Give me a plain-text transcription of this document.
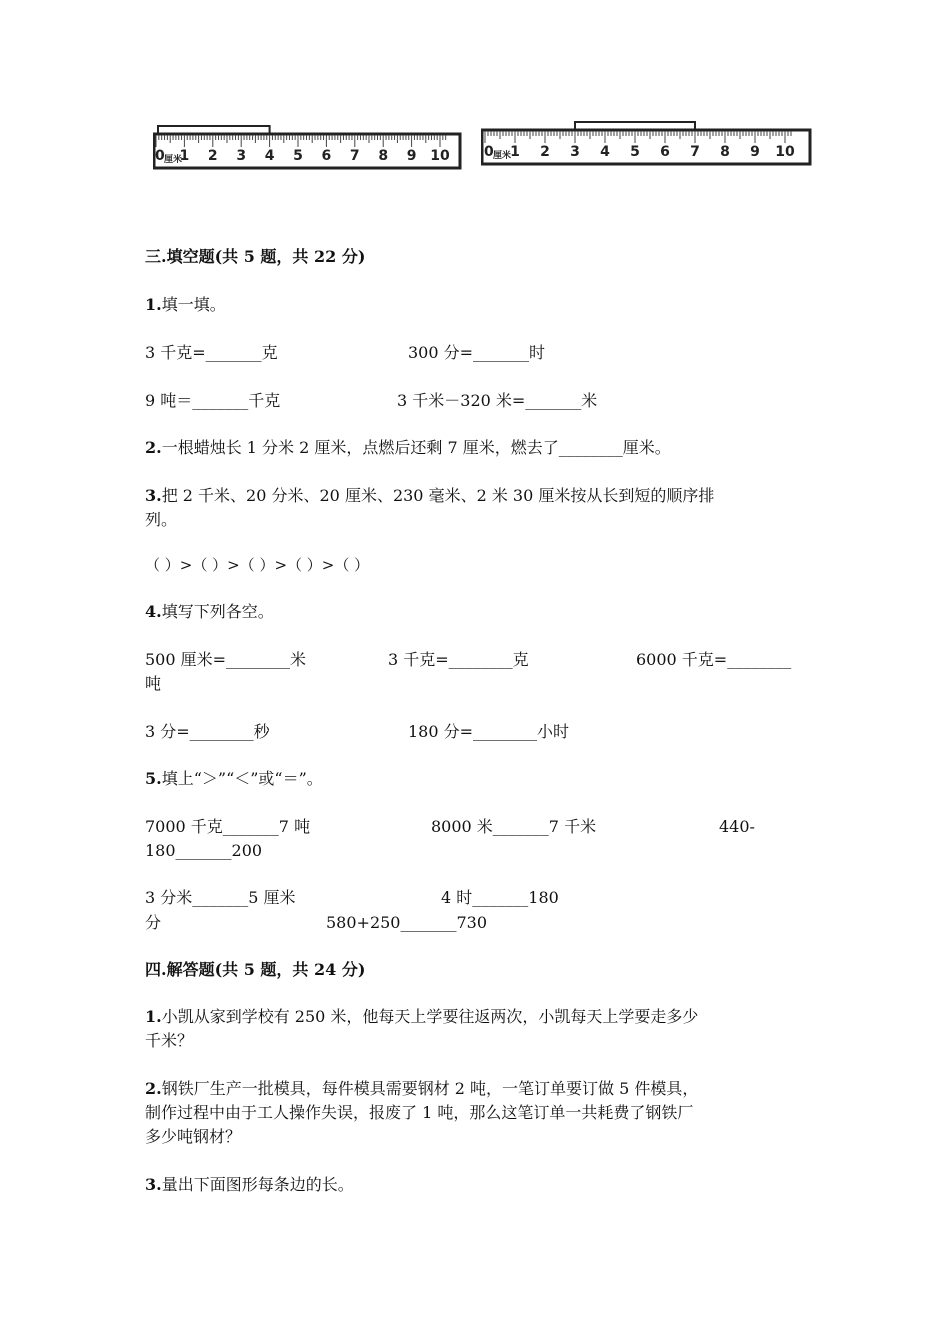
0 厘米
1 2 3 4 5 6 7 8 9 10 0 厘米 1 2 3 4 5 6 7 8 9 10
三.填空题(共 5 题，共 22 分)
1.填一填。
3 千克=_______克	300 分=_______时
9 吨＝_______千克	3 千米－320 米=_______米
2.一根蜡烛长 1 分米 2 厘米，点燃后还剩 7 厘米，燃去了________厘米。
3.把 2 千米、20 分米、20 厘米、230 毫米、2 米 30 厘米按从长到短的顺序排
列。
（ ）>（ ）>（ ）>（ ）>（ ）
4.填写下列各空。
500 厘米=________米	3 千克=________克	6000 千克=________
吨
3 分=________秒	180 分=________小时
5.填上“＞”“＜”或“＝”。
7000 千克_______7 吨	8000 米_______7 千米	440-
180_______200
3 分米_______5 厘米	4 时_______180
分	580+250_______730
四.解答题(共 5 题，共 24 分)
1.小凯从家到学校有 250 米，他每天上学要往返两次，小凯每天上学要走多少
千米？
2.钢铁厂生产一批模具，每件模具需要钢材 2 吨，一笔订单要订做 5 件模具，
制作过程中由于工人操作失误，报废了 1 吨，那么这笔订单一共耗费了钢铁厂
多少吨钢材？
3.量出下面图形每条边的长。
